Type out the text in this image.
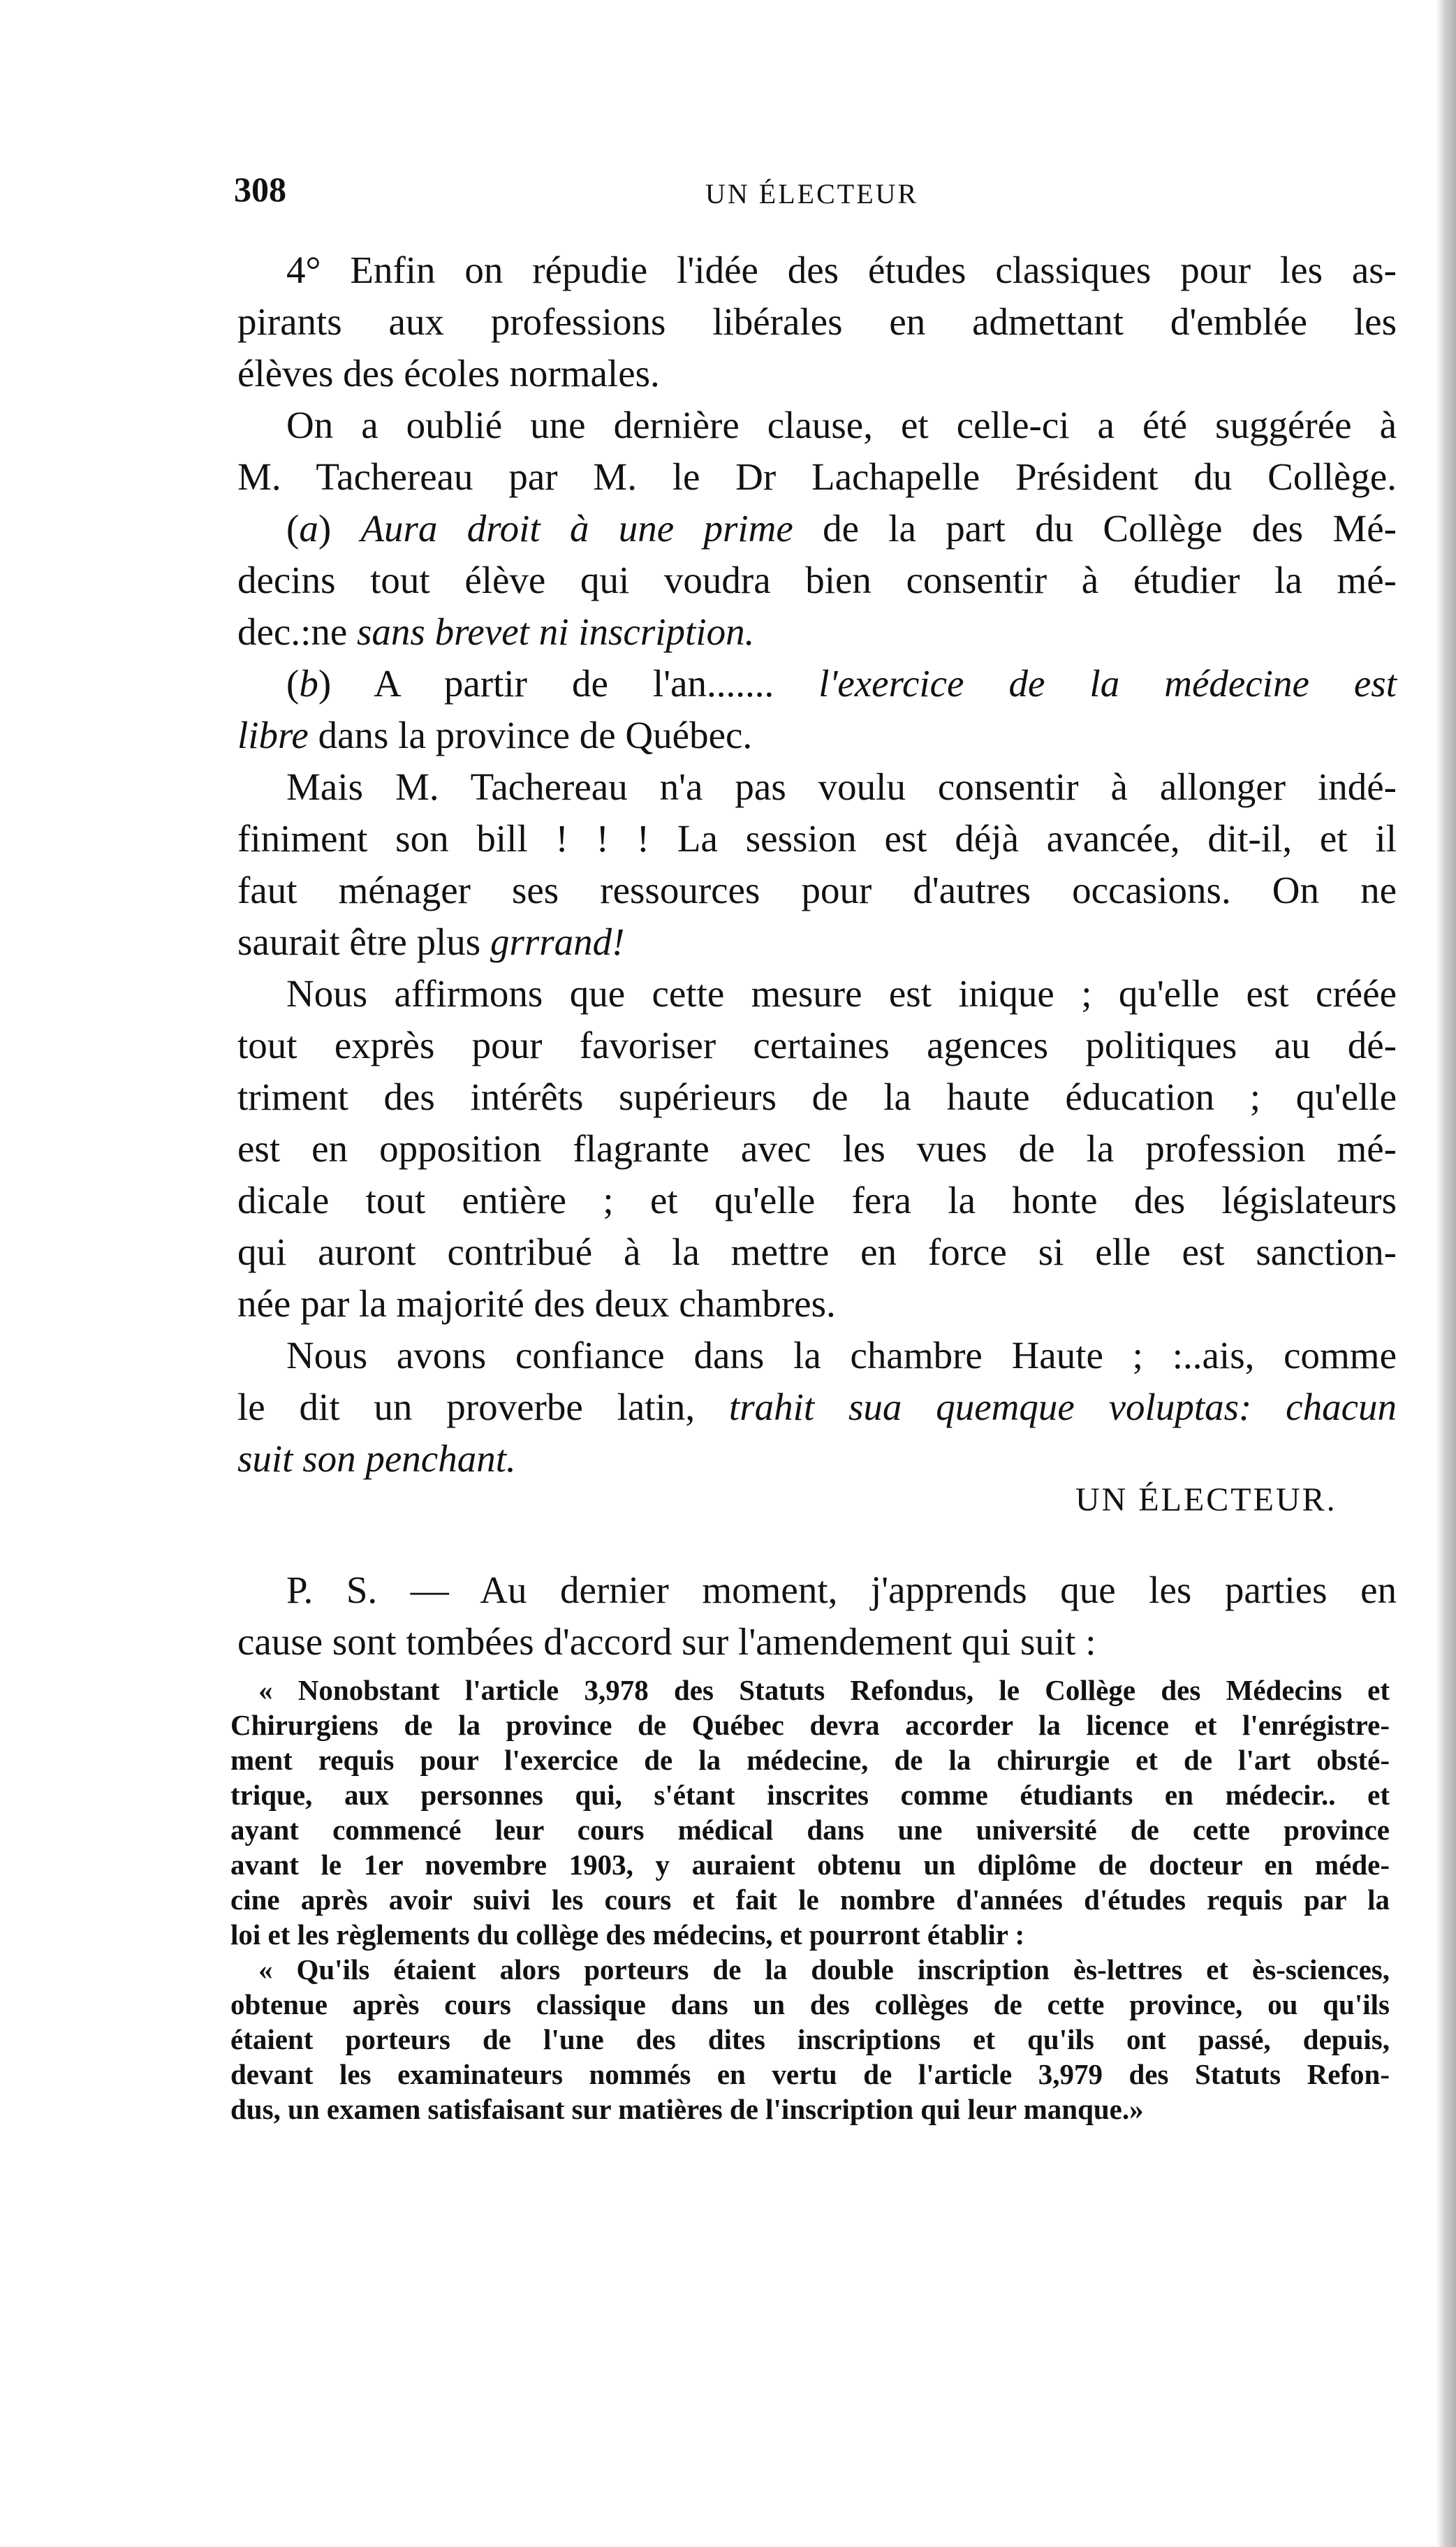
308	UN ÉLECTEUR
4° Enfin on répudie l'idée des études classiques pour les as-
pirants aux professions libérales en admettant d'emblée les
élèves des écoles normales.
On a oublié une dernière clause, et celle-ci a été suggérée à
M. Tachereau par M. le Dr Lachapelle Président du Collège.
(a) Aura droit à une prime de la part du Collège des Mé-
decins tout élève qui voudra bien consentir à étudier la mé-
dec.:ne sans brevet ni inscription.
(b) A partir de l'an....... l'exercice de la médecine est
libre dans la province de Québec.
Mais M. Tachereau n'a pas voulu consentir à allonger indé-
finiment son bill ! ! ! La session est déjà avancée, dit-il, et il
faut ménager ses ressources pour d'autres occasions. On ne
saurait être plus grrrand!
Nous affirmons que cette mesure est inique ; qu'elle est créée
tout exprès pour favoriser certaines agences politiques au dé-
triment des intérêts supérieurs de la haute éducation ; qu'elle
est en opposition flagrante avec les vues de la profession mé-
dicale tout entière ; et qu'elle fera la honte des législateurs
qui auront contribué à la mettre en force si elle est sanction-
née par la majorité des deux chambres.
Nous avons confiance dans la chambre Haute ; :..ais, comme
le dit un proverbe latin, trahit sua quemque voluptas: chacun
suit son penchant.
UN ÉLECTEUR.
P. S. — Au dernier moment, j'apprends que les parties en
cause sont tombées d'accord sur l'amendement qui suit :
« Nonobstant l'article 3,978 des Statuts Refondus, le Collège des Médecins et
Chirurgiens de la province de Québec devra accorder la licence et l'enrégistre-
ment requis pour l'exercice de la médecine, de la chirurgie et de l'art obsté-
trique, aux personnes qui, s'étant inscrites comme étudiants en médecir.. et
ayant commencé leur cours médical dans une université de cette province
avant le 1er novembre 1903, y auraient obtenu un diplôme de docteur en méde-
cine après avoir suivi les cours et fait le nombre d'années d'études requis par la
loi et les règlements du collège des médecins, et pourront établir :
« Qu'ils étaient alors porteurs de la double inscription ès-lettres et ès-sciences,
obtenue après cours classique dans un des collèges de cette province, ou qu'ils
étaient porteurs de l'une des dites inscriptions et qu'ils ont passé, depuis,
devant les examinateurs nommés en vertu de l'article 3,979 des Statuts Refon-
dus, un examen satisfaisant sur matières de l'inscription qui leur manque.»
